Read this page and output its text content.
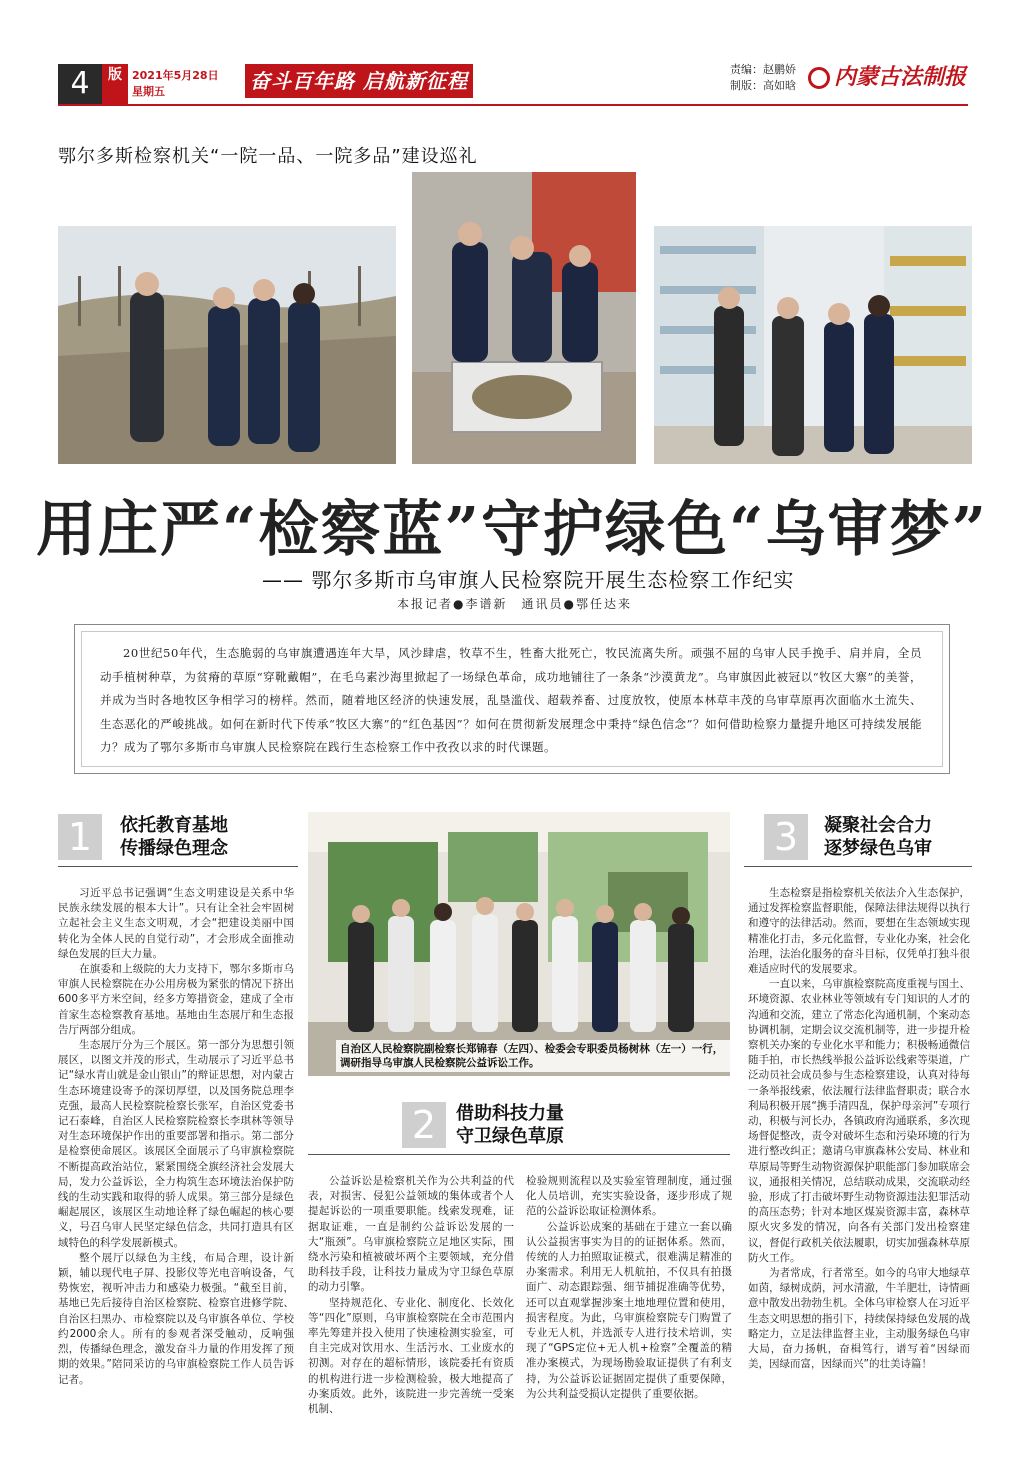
4	版 2021年5月28日
星期五	奋斗百年路 启航新征程	责编：赵鹏娇
制版：高如晗	内蒙古法制报
鄂尔多斯检察机关“一院一品、一院多品”建设巡礼
用庄严“检察蓝”守护绿色“乌审梦”
—— 鄂尔多斯市乌审旗人民检察院开展生态检察工作纪实
本报记者●李谱新　通讯员●鄂任达来
20世纪50年代，生态脆弱的乌审旗遭遇连年大旱，风沙肆虐，牧草不生，牲畜大批死亡，牧民流离失所。顽强不屈的乌审人民手挽手、肩并肩，全员动手植树种草，为贫瘠的草原“穿靴戴帽”，在毛乌素沙海里掀起了一场绿色革命，成功地铺往了一条条“沙漠黄龙”。乌审旗因此被冠以“牧区大寨”的美誉，并成为当时各地牧区争相学习的榜样。然而，随着地区经济的快速发展，乱垦滥伐、超载养畜、过度放牧，使原本林草丰茂的乌审草原再次面临水土流失、生态恶化的严峻挑战。如何在新时代下传承“牧区大寨”的“红色基因”？如何在贯彻新发展理念中秉持“绿色信念”？如何借助检察力量提升地区可持续发展能力？成为了鄂尔多斯市乌审旗人民检察院在践行生态检察工作中孜孜以求的时代课题。
1	依托教育基地
传播绿色理念

习近平总书记强调“生态文明建设是关系中华民族永续发展的根本大计”。只有让全社会牢固树立起社会主义生态文明观，才会“把建设美丽中国转化为全体人民的自觉行动”，才会形成全面推动绿色发展的巨大力量。

在旗委和上级院的大力支持下，鄂尔多斯市乌审旗人民检察院在办公用房极为紧张的情况下挤出600多平方米空间，经多方筹措资金，建成了全市首家生态检察教育基地。基地由生态展厅和生态报告厅两部分组成。

生态展厅分为三个展区。第一部分为思想引领展区，以图文并茂的形式，生动展示了习近平总书记“绿水青山就是金山银山”的辩证思想，对内蒙古生态环境建设寄予的深切厚望，以及国务院总理李克强，最高人民检察院检察长张军，自治区党委书记石泰峰，自治区人民检察院检察长李琪林等领导对生态环境保护作出的重要部署和指示。第二部分是检察使命展区。该展区全面展示了乌审旗检察院不断提高政治站位，紧紧围绕全旗经济社会发展大局，发力公益诉讼，全力构筑生态环境法治保护防线的生动实践和取得的骄人成果。第三部分是绿色崛起展区，该展区生动地诠释了绿色崛起的核心要义，号召乌审人民坚定绿色信念，共同打造具有区域特色的科学发展新模式。

整个展厅以绿色为主线，布局合理，设计新颖，辅以现代电子屏、投影仪等光电音响设备，气势恢宏，视听冲击力和感染力极强。“截至目前，基地已先后接待自治区检察院、检察官进修学院、自治区扫黑办、市检察院以及乌审旗各单位、学校约2000余人。所有的参观者深受触动，反响强烈，传播绿色理念，激发奋斗力量的作用发挥了预期的效果。”陪同采访的乌审旗检察院工作人员告诉记者。

自治区人民检察院副检察长郑锦春（左四）、检委会专职委员杨树林（左一）一行，调研指导乌审旗人民检察院公益诉讼工作。
2	借助科技力量
守卫绿色草原

公益诉讼是检察机关作为公共利益的代表，对损害、侵犯公益领域的集体或者个人提起诉讼的一项重要职能。线索发现难，证据取证难，一直是制约公益诉讼发展的一大“瓶颈”。乌审旗检察院立足地区实际，围绕水污染和植被破坏两个主要领域，充分借助科技手段，让科技力量成为守卫绿色草原的动力引擎。

坚持规范化、专业化、制度化、长效化等“四化”原则，乌审旗检察院在全市范围内率先筹建并投入使用了快速检测实验室，可自主完成对饮用水、生活污水、工业废水的初测。对存在的超标情形，该院委托有资质的机构进行进一步检测检验，极大地提高了办案质效。此外，该院进一步完善统一受案机制、

检验规则流程以及实验室管理制度，通过强化人员培训，充实实验设备，逐步形成了规范的公益诉讼取证检测体系。

公益诉讼成案的基础在于建立一套以确认公益损害事实为目的的证据体系。然而，传统的人力拍照取证模式，很难满足精准的办案需求。利用无人机航拍，不仅具有拍摄面广、动态跟踪强、细节捕捉准确等优势，还可以直观掌握涉案土地地理位置和使用，损害程度。为此，乌审旗检察院专门购置了专业无人机，并选派专人进行技术培训，实现了“GPS定位+无人机+检察”全覆盖的精准办案模式，为现场勘验取证提供了有利支持，为公益诉讼证据固定提供了重要保障，为公共利益受损认定提供了重要依据。

3	凝聚社会合力
逐梦绿色乌审

生态检察是指检察机关依法介入生态保护，通过发挥检察监督职能，保障法律法规得以执行和遵守的法律活动。然而，要想在生态领域实现精准化打击，多元化监督，专业化办案，社会化治理，法治化服务的奋斗目标，仅凭单打独斗很难适应时代的发展要求。

一直以来，乌审旗检察院高度重视与国土、环境资源、农业林业等领域有专门知识的人才的沟通和交流，建立了常态化沟通机制，个案动态协调机制，定期会议交流机制等，进一步提升检察机关办案的专业化水平和能力；积极畅通微信随手拍，市长热线举报公益诉讼线索等渠道，广泛动员社会成员参与生态检察建设，认真对待每一条举报线索，依法履行法律监督职责；联合水利局积极开展“携手清四乱，保护母亲河”专项行动，积极与河长办，各镇政府沟通联系，多次现场督促整改，责令对破坏生态和污染环境的行为进行整改纠正；邀请乌审旗森林公安局、林业和草原局等野生动物资源保护职能部门参加联席会议，通报相关情况，总结联动成果，交流联动经验，形成了打击破坏野生动物资源违法犯罪活动的高压态势；针对本地区煤炭资源丰富，森林草原火灾多发的情况，向各有关部门发出检察建议，督促行政机关依法履职，切实加强森林草原防火工作。

为者常成，行者常至。如今的乌审大地绿草如茵，绿树成荫，河水清澈，牛羊肥壮，诗情画意中散发出勃勃生机。全体乌审检察人在习近平生态文明思想的指引下，持续保持绿色发展的战略定力，立足法律监督主业，主动服务绿色乌审大局，奋力扬帆，奋楫笃行，谱写着“因绿而美，因绿而富，因绿而兴”的壮美诗篇！
